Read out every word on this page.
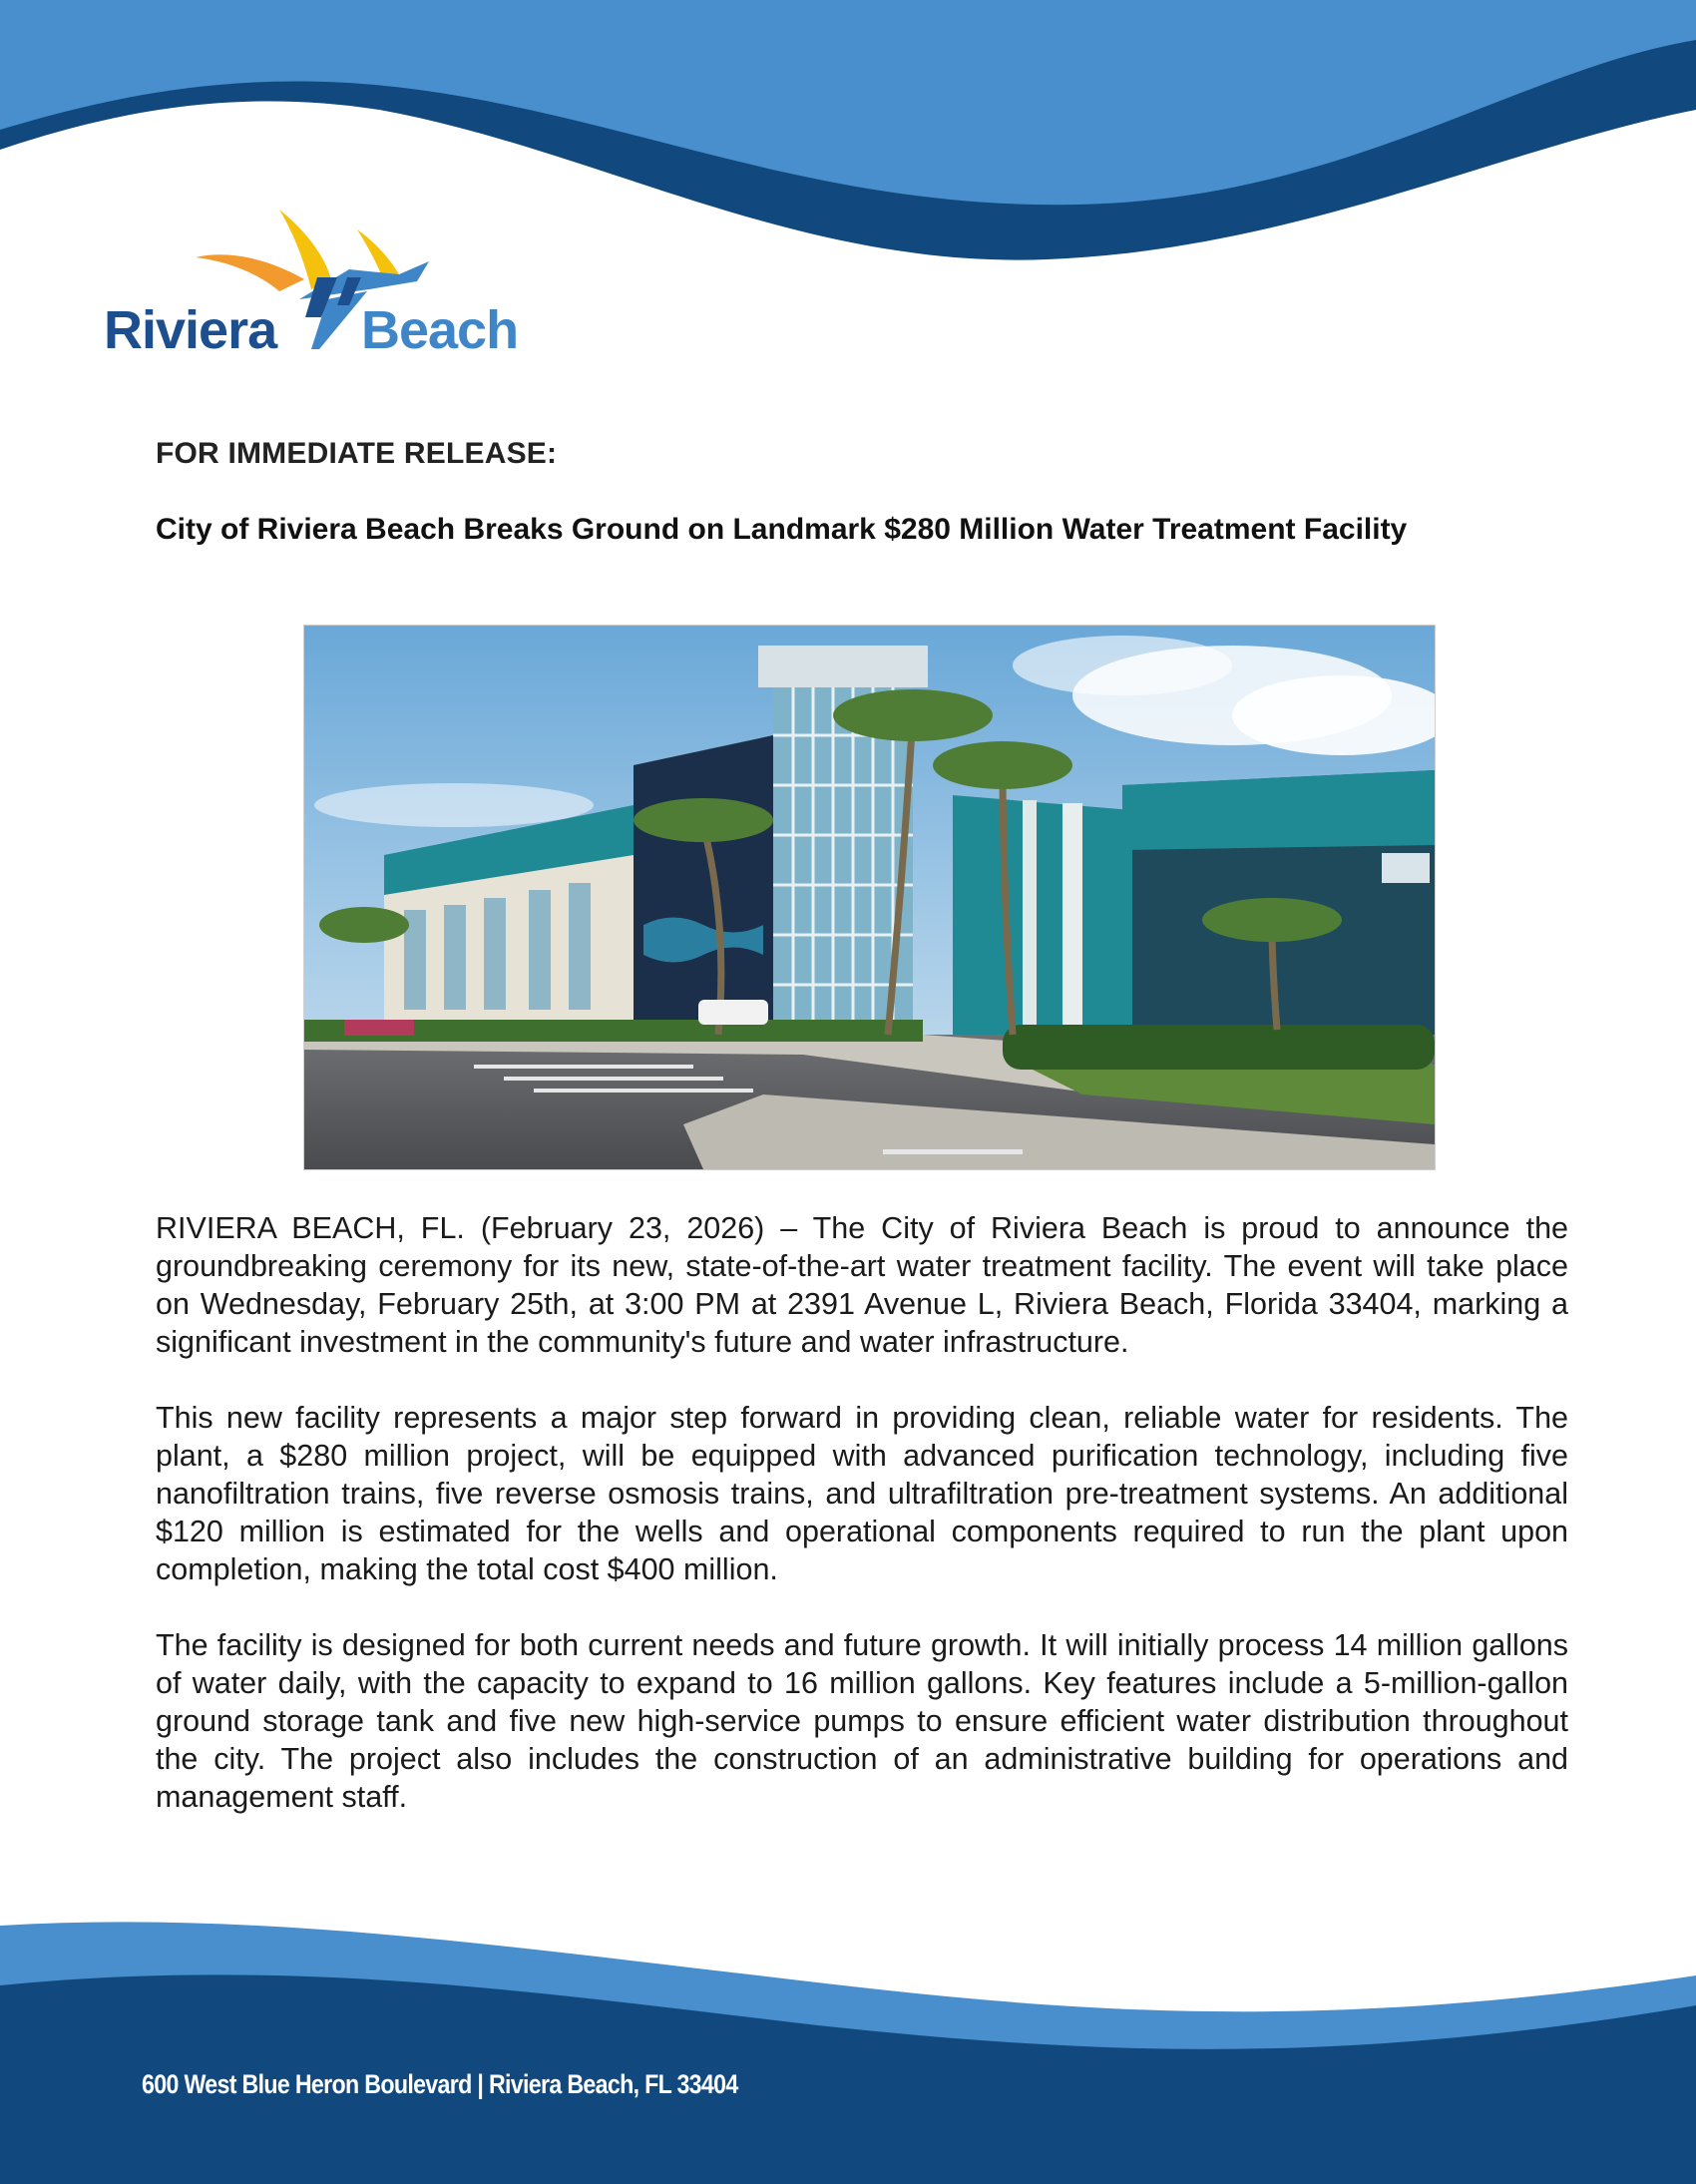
Riviera Beach
FOR IMMEDIATE RELEASE:
City of Riviera Beach Breaks Ground on Landmark $280 Million Water Treatment Facility

RIVIERA BEACH, FL. (February 23, 2026) – The City of Riviera Beach is proud to announce the groundbreaking ceremony for its new, state-of-the-art water treatment facility. The event will take place on Wednesday, February 25th, at 3:00 PM at 2391 Avenue L, Riviera Beach, Florida 33404, marking a significant investment in the community's future and water infrastructure.

This new facility represents a major step forward in providing clean, reliable water for residents. The plant, a $280 million project, will be equipped with advanced purification technology, including five nanofiltration trains, five reverse osmosis trains, and ultrafiltration pre-treatment systems. An additional $120 million is estimated for the wells and operational components required to run the plant upon completion, making the total cost $400 million.

The facility is designed for both current needs and future growth. It will initially process 14 million gallons of water daily, with the capacity to expand to 16 million gallons. Key features include a 5-million-gallon ground storage tank and five new high-service pumps to ensure efficient water distribution throughout the city. The project also includes the construction of an administrative building for operations and management staff.

600 West Blue Heron Boulevard | Riviera Beach, FL 33404
